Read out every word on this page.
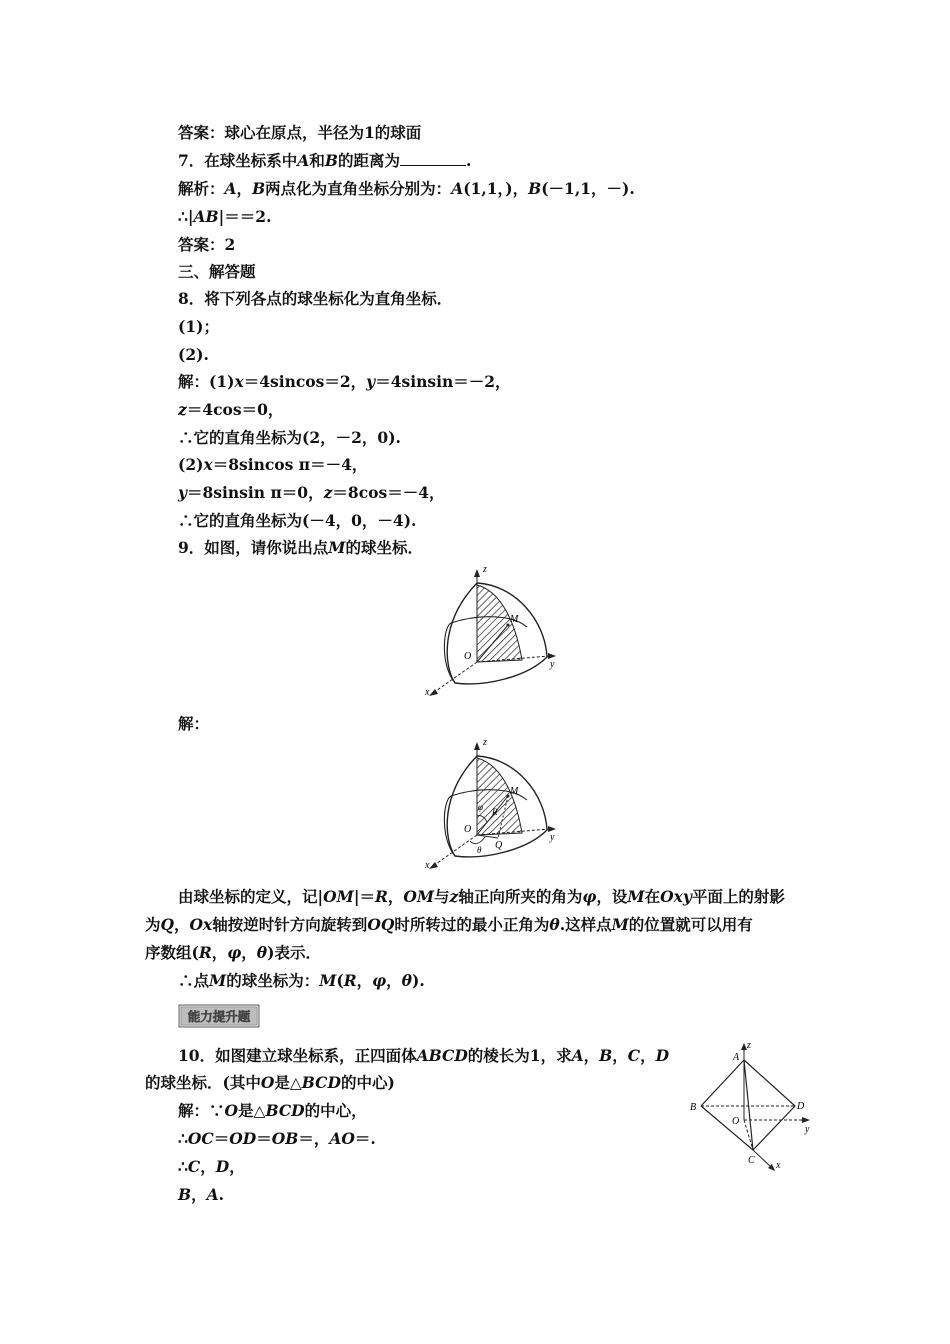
答案：球心在原点，半径为1的球面
7．在球坐标系中A和B的距离为	.
解析：A，B两点化为直角坐标分别为：A(1,1，)，B(－1,1，－).
∴|AB|＝＝2.
答案：2
三、解答题
8．将下列各点的球坐标化为直角坐标．
(1)；
(2).
解：(1)x＝4sincos＝2，y＝4sinsin＝－2，
z＝4cos＝0，
∴它的直角坐标为(2，－2，0).
(2)x＝8sincos π＝－4，
y＝8sinsin π＝0，z＝8cos＝－4，
∴它的直角坐标为(－4，0，－4).
9．如图，请你说出点M的球坐标．
z
y
x
O
M
解：
z
y
x
O
M
R
φ
θ Q
由球坐标的定义，记|OM|＝R，OM与z轴正向所夹的角为φ，设M在Oxy平面上的射影
为Q，Ox轴按逆时针方向旋转到OQ时所转过的最小正角为θ.这样点M的位置就可以用有
序数组(R，φ，θ)表示．
∴点M的球坐标为：M(R，φ，θ).
能力提升题
10．如图建立球坐标系，正四面体ABCD的棱长为1，求A，B，C，D
的球坐标．(其中O是△BCD的中心)
解：∵O是△BCD的中心，
∴OC＝OD＝OB＝，AO＝.
∴C，D，
B，A.
z
y
x
A
B
C
D
O
